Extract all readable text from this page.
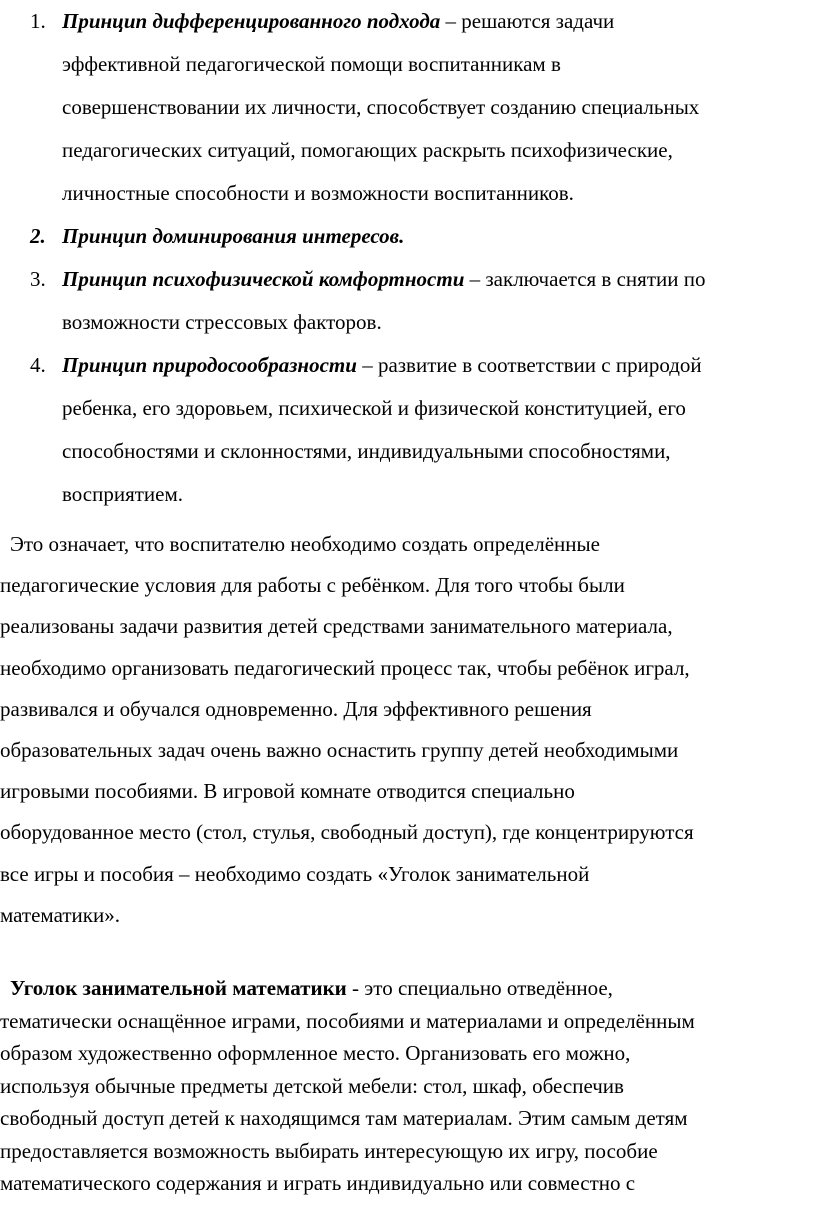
1. Принцип дифференцированного подхода – решаются задачи
эффективной педагогической помощи воспитанникам в
совершенствовании их личности, способствует созданию специальных
педагогических ситуаций, помогающих раскрыть психофизические,
личностные способности и возможности воспитанников.
2. Принцип доминирования интересов.
3. Принцип психофизической комфортности – заключается в снятии по
возможности стрессовых факторов.
4. Принцип природосообразности – развитие в соответствии с природой
ребенка, его здоровьем, психической и физической конституцией, его
способностями и склонностями, индивидуальными способностями,
восприятием.
Это означает, что воспитателю необходимо создать определённые
педагогические условия для работы с ребёнком. Для того чтобы были
реализованы задачи развития детей средствами занимательного материала,
необходимо организовать педагогический процесс так, чтобы ребёнок играл,
развивался и обучался одновременно. Для эффективного решения
образовательных задач очень важно оснастить группу детей необходимыми
игровыми пособиями. В игровой комнате отводится специально
оборудованное место (стол, стулья, свободный доступ), где концентрируются
все игры и пособия – необходимо создать «Уголок занимательной
математики».
Уголок занимательной математики - это специально отведённое,
тематически оснащённое играми, пособиями и материалами и определённым
образом художественно оформленное место. Организовать его можно,
используя обычные предметы детской мебели: стол, шкаф, обеспечив
свободный доступ детей к находящимся там материалам. Этим самым детям
предоставляется возможность выбирать интересующую их игру, пособие
математического содержания и играть индивидуально или совместно с
